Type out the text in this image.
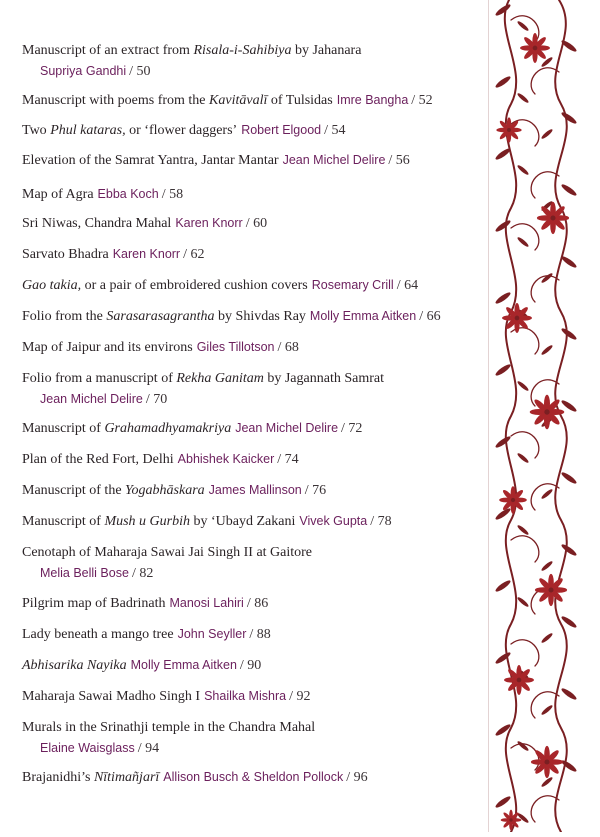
Manuscript of an extract from Risala-i-Sahibiya by Jahanara
Supriya Gandhi / 50
Manuscript with poems from the Kavitāvalī of Tulsidas Imre Bangha / 52
Two Phul kataras, or ‘flower daggers’ Robert Elgood / 54
Elevation of the Samrat Yantra, Jantar Mantar Jean Michel Delire / 56
Map of Agra Ebba Koch / 58
Sri Niwas, Chandra Mahal Karen Knorr / 60
Sarvato Bhadra Karen Knorr / 62
Gao takia, or a pair of embroidered cushion covers Rosemary Crill / 64
Folio from the Sarasarasagrantha by Shivdas Ray Molly Emma Aitken / 66
Map of Jaipur and its environs Giles Tillotson / 68
Folio from a manuscript of Rekha Ganitam by Jagannath Samrat
Jean Michel Delire / 70
Manuscript of Grahamadhyamakriya Jean Michel Delire / 72
Plan of the Red Fort, Delhi Abhishek Kaicker / 74
Manuscript of the Yogabhāskara James Mallinson / 76
Manuscript of Mush u Gurbih by ‘Ubayd Zakani Vivek Gupta / 78
Cenotaph of Maharaja Sawai Jai Singh II at Gaitore
Melia Belli Bose / 82
Pilgrim map of Badrinath Manosi Lahiri / 86
Lady beneath a mango tree John Seyller / 88
Abhisarika Nayika Molly Emma Aitken / 90
Maharaja Sawai Madho Singh I Shailka Mishra / 92
Murals in the Srinathji temple in the Chandra Mahal
Elaine Waisglass / 94
Brajanidhi’s Nītimañjarī Allison Busch & Sheldon Pollock / 96
